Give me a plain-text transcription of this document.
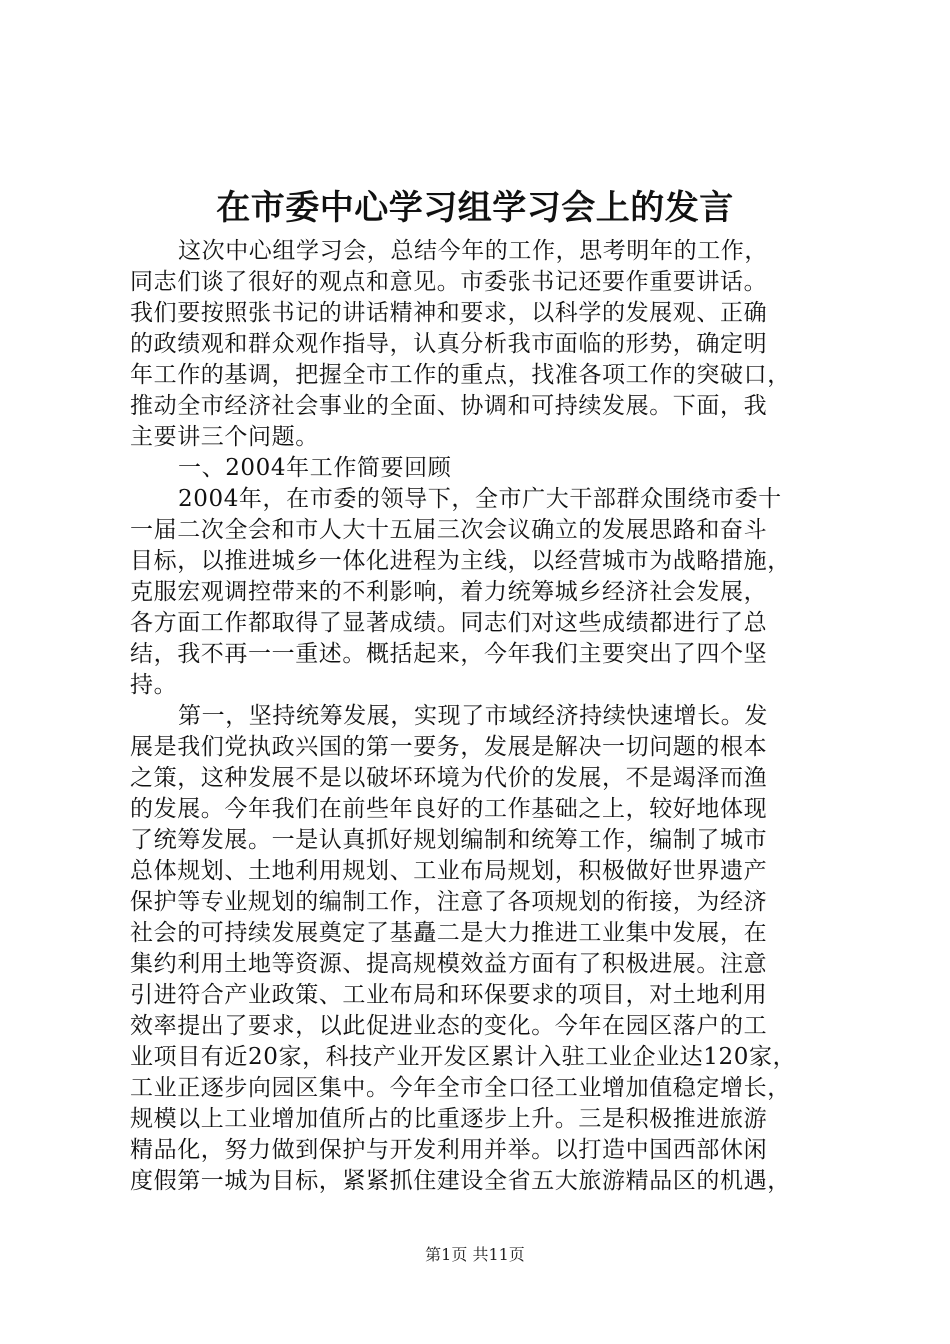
在市委中心学习组学习会上的发言
这次中心组学习会，总结今年的工作，思考明年的工作，
同志们谈了很好的观点和意见。市委张书记还要作重要讲话。
我们要按照张书记的讲话精神和要求，以科学的发展观、正确
的政绩观和群众观作指导，认真分析我市面临的形势，确定明
年工作的基调，把握全市工作的重点，找准各项工作的突破口，
推动全市经济社会事业的全面、协调和可持续发展。下面，我
主要讲三个问题。
一、2004年工作简要回顾
2004年，在市委的领导下，全市广大干部群众围绕市委十
一届二次全会和市人大十五届三次会议确立的发展思路和奋斗
目标，以推进城乡一体化进程为主线，以经营城市为战略措施，
克服宏观调控带来的不利影响，着力统筹城乡经济社会发展，
各方面工作都取得了显著成绩。同志们对这些成绩都进行了总
结，我不再一一重述。概括起来，今年我们主要突出了四个坚
持。
第一，坚持统筹发展，实现了市域经济持续快速增长。发
展是我们党执政兴国的第一要务，发展是解决一切问题的根本
之策，这种发展不是以破坏环境为代价的发展，不是竭泽而渔
的发展。今年我们在前些年良好的工作基础之上，较好地体现
了统筹发展。一是认真抓好规划编制和统筹工作，编制了城市
总体规划、土地利用规划、工业布局规划，积极做好世界遗产
保护等专业规划的编制工作，注意了各项规划的衔接，为经济
社会的可持续发展奠定了基矗二是大力推进工业集中发展，在
集约利用土地等资源、提高规模效益方面有了积极进展。注意
引进符合产业政策、工业布局和环保要求的项目，对土地利用
效率提出了要求，以此促进业态的变化。今年在园区落户的工
业项目有近20家，科技产业开发区累计入驻工业企业达120家，
工业正逐步向园区集中。今年全市全口径工业增加值稳定增长，
规模以上工业增加值所占的比重逐步上升。三是积极推进旅游
精品化，努力做到保护与开发利用并举。以打造中国西部休闲
度假第一城为目标，紧紧抓住建设全省五大旅游精品区的机遇，
第1页 共11页
